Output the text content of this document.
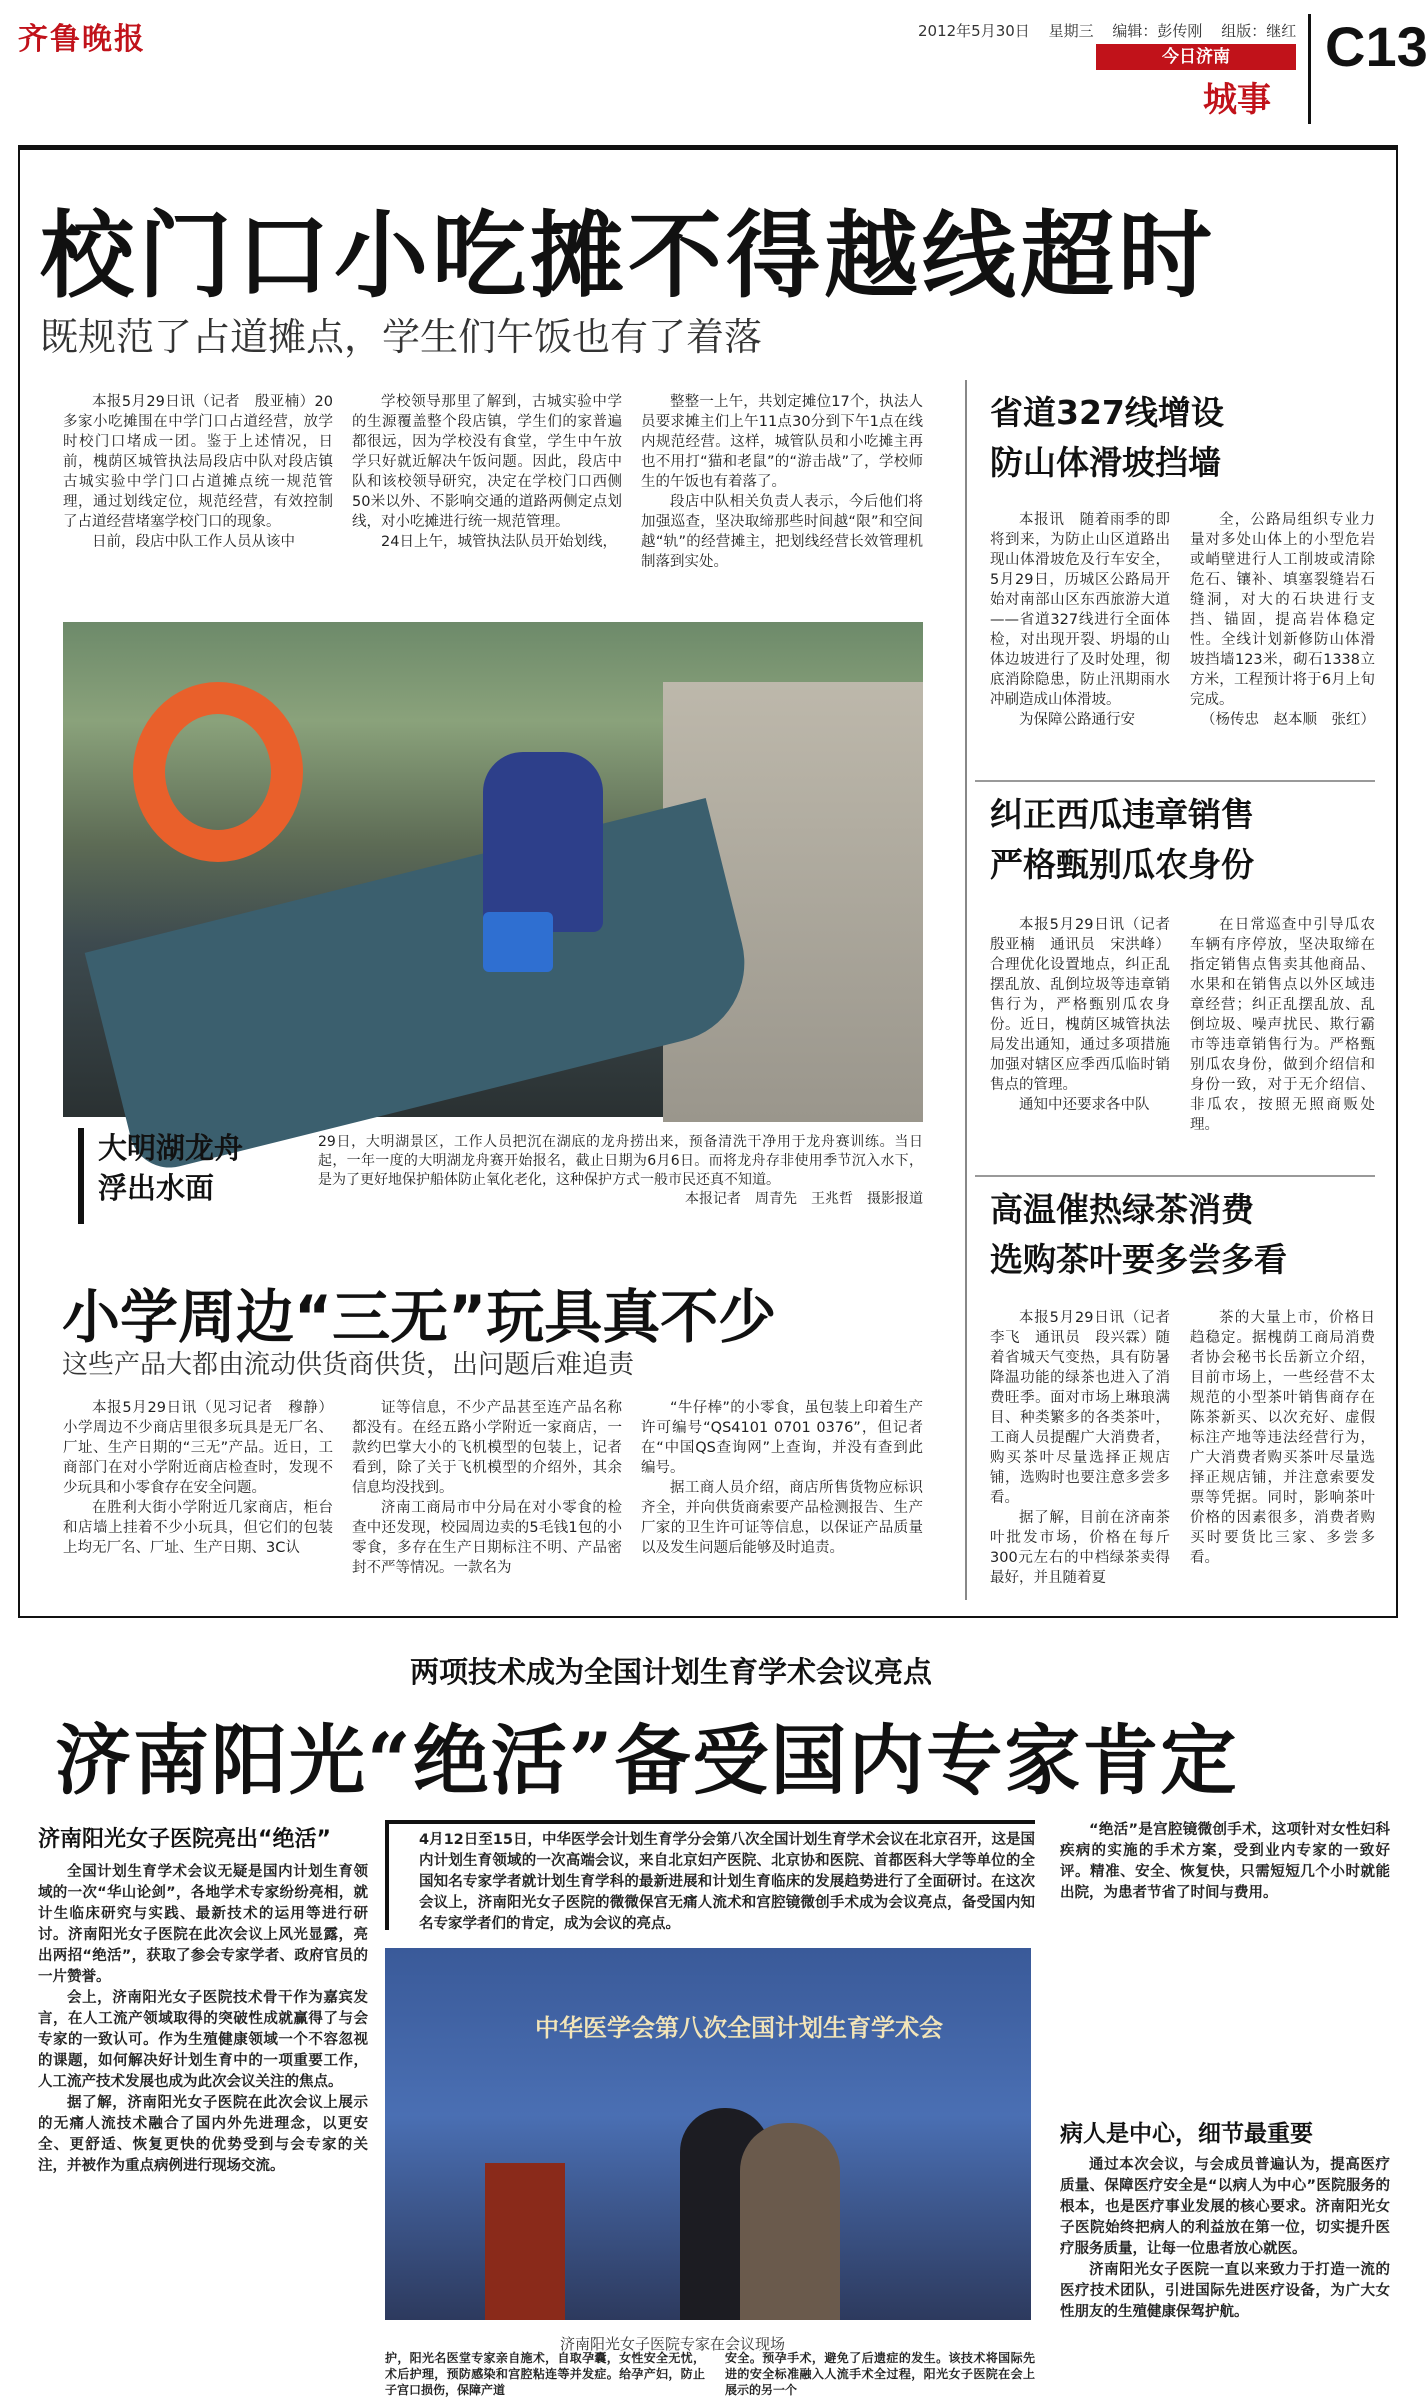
齐鲁晚报	2012年5月30日 星期三 编辑：彭传刚 组版：继红
今日济南
城事
C13
校门口小吃摊不得越线超时
既规范了占道摊点，学生们午饭也有了着落

本报5月29日讯（记者　殷亚楠）20多家小吃摊围在中学门口占道经营，放学时校门口堵成一团。鉴于上述情况，日前，槐荫区城管执法局段店中队对段店镇古城实验中学门口占道摊点统一规范管理，通过划线定位，规范经营，有效控制了占道经营堵塞学校门口的现象。

日前，段店中队工作人员从该中

学校领导那里了解到，古城实验中学的生源覆盖整个段店镇，学生们的家普遍都很远，因为学校没有食堂，学生中午放学只好就近解决午饭问题。因此，段店中队和该校领导研究，决定在学校门口西侧50米以外、不影响交通的道路两侧定点划线，对小吃摊进行统一规范管理。

24日上午，城管执法队员开始划线，

整整一上午，共划定摊位17个，执法人员要求摊主们上午11点30分到下午1点在线内规范经营。这样，城管队员和小吃摊主再也不用打“猫和老鼠”的“游击战”了，学校师生的午饭也有着落了。

段店中队相关负责人表示，今后他们将加强巡查，坚决取缔那些时间越“限”和空间越“轨”的经营摊主，把划线经营长效管理机制落到实处。

大明湖龙舟
浮出水面
29日，大明湖景区，工作人员把沉在湖底的龙舟捞出来，预备清洗干净用于龙舟赛训练。当日起，一年一度的大明湖龙舟赛开始报名，截止日期为6月6日。而将龙舟存非使用季节沉入水下，是为了更好地保护船体防止氧化老化，这种保护方式一般市民还真不知道。
本报记者　周青先　王兆哲　摄影报道
小学周边“三无”玩具真不少
这些产品大都由流动供货商供货，出问题后难追责

本报5月29日讯（见习记者　穆静）小学周边不少商店里很多玩具是无厂名、厂址、生产日期的“三无”产品。近日，工商部门在对小学附近商店检查时，发现不少玩具和小零食存在安全问题。

在胜利大街小学附近几家商店，柜台和店墙上挂着不少小玩具，但它们的包装上均无厂名、厂址、生产日期、3C认

证等信息，不少产品甚至连产品名称都没有。在经五路小学附近一家商店，一款约巴掌大小的飞机模型的包装上，记者看到，除了关于飞机模型的介绍外，其余信息均没找到。

济南工商局市中分局在对小零食的检查中还发现，校园周边卖的5毛钱1包的小零食，多存在生产日期标注不明、产品密封不严等情况。一款名为

“牛仔棒”的小零食，虽包装上印着生产许可编号“QS4101 0701 0376”，但记者在“中国QS查询网”上查询，并没有查到此编号。

据工商人员介绍，商店所售货物应标识齐全，并向供货商索要产品检测报告、生产厂家的卫生许可证等信息，以保证产品质量以及发生问题后能够及时追责。

省道327线增设
防山体滑坡挡墙

本报讯　随着雨季的即将到来，为防止山区道路出现山体滑坡危及行车安全，5月29日，历城区公路局开始对南部山区东西旅游大道——省道327线进行全面体检，对出现开裂、坍塌的山体边坡进行了及时处理，彻底消除隐患，防止汛期雨水冲刷造成山体滑坡。

为保障公路通行安

全，公路局组织专业力量对多处山体上的小型危岩或峭壁进行人工削坡或清除危石、镶补、填塞裂缝岩石缝洞，对大的石块进行支挡、锚固，提高岩体稳定性。全线计划新修防山体滑坡挡墙123米，砌石1338立方米，工程预计将于6月上旬完成。

（杨传忠　赵本顺　张红）
纠正西瓜违章销售
严格甄别瓜农身份

本报5月29日讯（记者　殷亚楠　通讯员　宋洪峰）合理优化设置地点，纠正乱摆乱放、乱倒垃圾等违章销售行为，严格甄别瓜农身份。近日，槐荫区城管执法局发出通知，通过多项措施加强对辖区应季西瓜临时销售点的管理。

通知中还要求各中队

在日常巡查中引导瓜农车辆有序停放，坚决取缔在指定销售点售卖其他商品、水果和在销售点以外区域违章经营；纠正乱摆乱放、乱倒垃圾、噪声扰民、欺行霸市等违章销售行为。严格甄别瓜农身份，做到介绍信和身份一致，对于无介绍信、非瓜农，按照无照商贩处理。

高温催热绿茶消费
选购茶叶要多尝多看

本报5月29日讯（记者　李飞　通讯员　段兴霖）随着省城天气变热，具有防暑降温功能的绿茶也进入了消费旺季。面对市场上琳琅满目、种类繁多的各类茶叶，工商人员提醒广大消费者，购买茶叶尽量选择正规店铺，选购时也要注意多尝多看。

据了解，目前在济南茶叶批发市场，价格在每斤300元左右的中档绿茶卖得最好，并且随着夏

茶的大量上市，价格日趋稳定。据槐荫工商局消费者协会秘书长岳新立介绍，目前市场上，一些经营不太规范的小型茶叶销售商存在陈茶新买、以次充好、虚假标注产地等违法经营行为，广大消费者购买茶叶尽量选择正规店铺，并注意索要发票等凭据。同时，影响茶叶价格的因素很多，消费者购买时要货比三家、多尝多看。

两项技术成为全国计划生育学术会议亮点
济南阳光“绝活”备受国内专家肯定
济南阳光女子医院亮出“绝活”

全国计划生育学术会议无疑是国内计划生育领域的一次“华山论剑”，各地学术专家纷纷亮相，就计生临床研究与实践、最新技术的运用等进行研讨。济南阳光女子医院在此次会议上风光显露，亮出两招“绝活”，获取了参会专家学者、政府官员的一片赞誉。

会上，济南阳光女子医院技术骨干作为嘉宾发言，在人工流产领域取得的突破性成就赢得了与会专家的一致认可。作为生殖健康领域一个不容忽视的课题，如何解决好计划生育中的一项重要工作，人工流产技术发展也成为此次会议关注的焦点。

据了解，济南阳光女子医院在此次会议上展示的无痛人流技术融合了国内外先进理念，以更安全、更舒适、恢复更快的优势受到与会专家的关注，并被作为重点病例进行现场交流。

4月12日至15日，中华医学会计划生育学分会第八次全国计划生育学术会议在北京召开，这是国内计划生育领域的一次高端会议，来自北京妇产医院、北京协和医院、首都医科大学等单位的全国知名专家学者就计划生育学科的最新进展和计划生育临床的发展趋势进行了全面研讨。在这次会议上，济南阳光女子医院的微微保宫无痛人流术和宫腔镜微创手术成为会议亮点，备受国内知名专家学者们的肯定，成为会议的亮点。
中华医学会第八次全国计划生育学术会
济南阳光女子医院专家在会议现场
护，阳光名医堂专家亲自施术，自取孕囊，女性安全无忧，术后护理，预防感染和宫腔粘连等并发症。给孕产妇，防止子宫口损伤，保障产道
安全。预孕手术，避免了后遗症的发生。该技术将国际先进的安全标准融入人流手术全过程，阳光女子医院在会上展示的另一个

“绝活”是宫腔镜微创手术，这项针对女性妇科疾病的实施的手术方案，受到业内专家的一致好评。精准、安全、恢复快，只需短短几个小时就能出院，为患者节省了时间与费用。

病人是中心，细节最重要

通过本次会议，与会成员普遍认为，提高医疗质量、保障医疗安全是“以病人为中心”医院服务的根本，也是医疗事业发展的核心要求。济南阳光女子医院始终把病人的利益放在第一位，切实提升医疗服务质量，让每一位患者放心就医。

济南阳光女子医院一直以来致力于打造一流的医疗技术团队，引进国际先进医疗设备，为广大女性朋友的生殖健康保驾护航。
